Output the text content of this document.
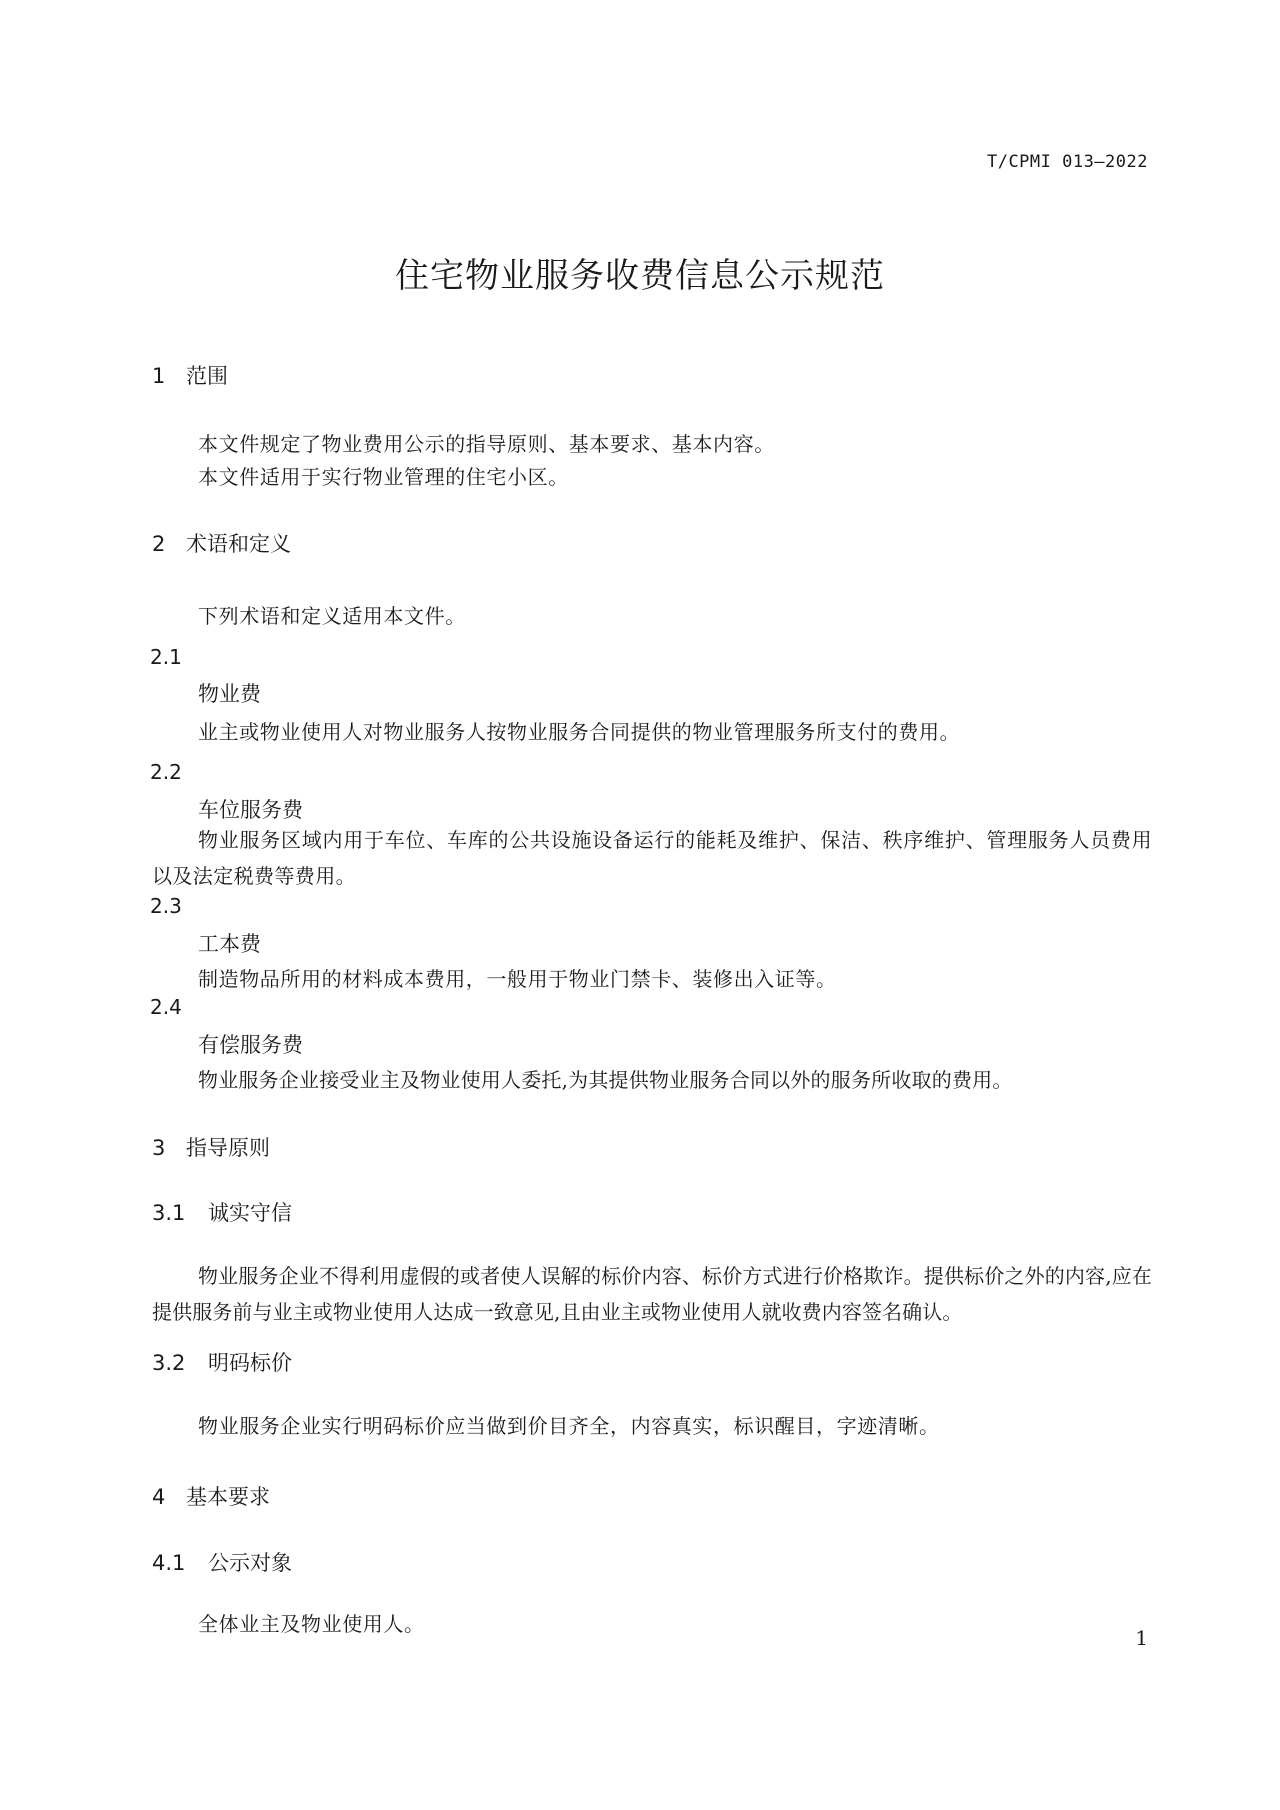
T/CPMI 013—2022
住宅物业服务收费信息公示规范
1 范围
本文件规定了物业费用公示的指导原则、基本要求、基本内容。
本文件适用于实行物业管理的住宅小区。
2 术语和定义
下列术语和定义适用本文件。
2.1
物业费
业主或物业使用人对物业服务人按物业服务合同提供的物业管理服务所支付的费用。
2.2
车位服务费
物业服务区域内用于车位、车库的公共设施设备运行的能耗及维护、保洁、秩序维护、管理服务人员费用以及法定税费等费用。
2.3
工本费
制造物品所用的材料成本费用，一般用于物业门禁卡、装修出入证等。
2.4
有偿服务费
物业服务企业接受业主及物业使用人委托,为其提供物业服务合同以外的服务所收取的费用。
3 指导原则
3.1 诚实守信
物业服务企业不得利用虚假的或者使人误解的标价内容、标价方式进行价格欺诈。提供标价之外的内容,应在提供服务前与业主或物业使用人达成一致意见,且由业主或物业使用人就收费内容签名确认。
3.2 明码标价
物业服务企业实行明码标价应当做到价目齐全，内容真实，标识醒目，字迹清晰。
4 基本要求
4.1 公示对象
全体业主及物业使用人。
1
